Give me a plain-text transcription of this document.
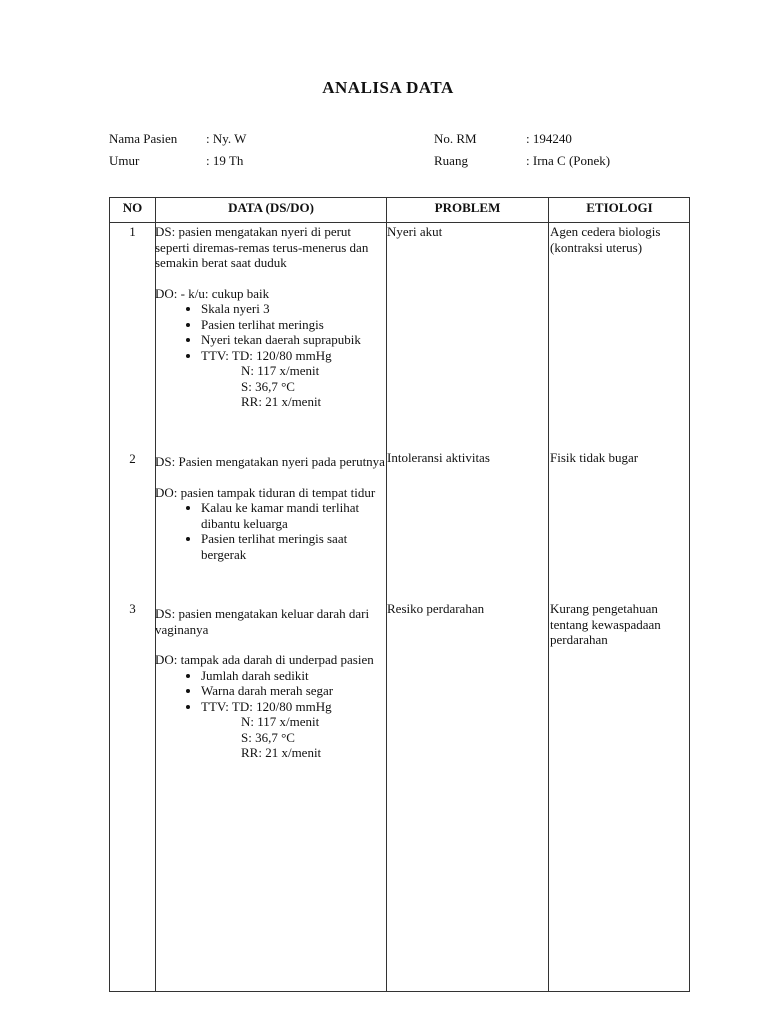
ANALISA DATA
Nama Pasien : Ny. W
Umur	: 19 Th
No. RM	: 194240
Ruang	: Irna C (Ponek)
NO	DATA (DS/DO)	PROBLEM	ETIOLOGI
1	DS: pasien mengatakan nyeri di perut seperti diremas-remas terus-menerus dan semakin berat saat duduk

DO: - k/u: cukup baik

• Skala nyeri 3
• Pasien terlihat meringis
• Nyeri tekan daerah suprapubik
• TTV: TD: 120/80 mmHg

N: 117 x/menit

S: 36,7 °C

RR: 21 x/menit

Nyeri akut	Agen cedera biologis (kontraksi uterus)
2	DS: Pasien mengatakan nyeri pada perutnya

DO: pasien tampak tiduran di tempat tidur

• Kalau ke kamar mandi terlihat dibantu keluarga
• Pasien terlihat meringis saat bergerak
Intoleransi aktivitas	Fisik tidak bugar
3	DS: pasien mengatakan keluar darah dari vaginanya

DO: tampak ada darah di underpad pasien

• Jumlah darah sedikit
• Warna darah merah segar
• TTV: TD: 120/80 mmHg

N: 117 x/menit

S: 36,7 °C

RR: 21 x/menit

Resiko perdarahan	Kurang pengetahuan tentang kewaspadaan perdarahan
